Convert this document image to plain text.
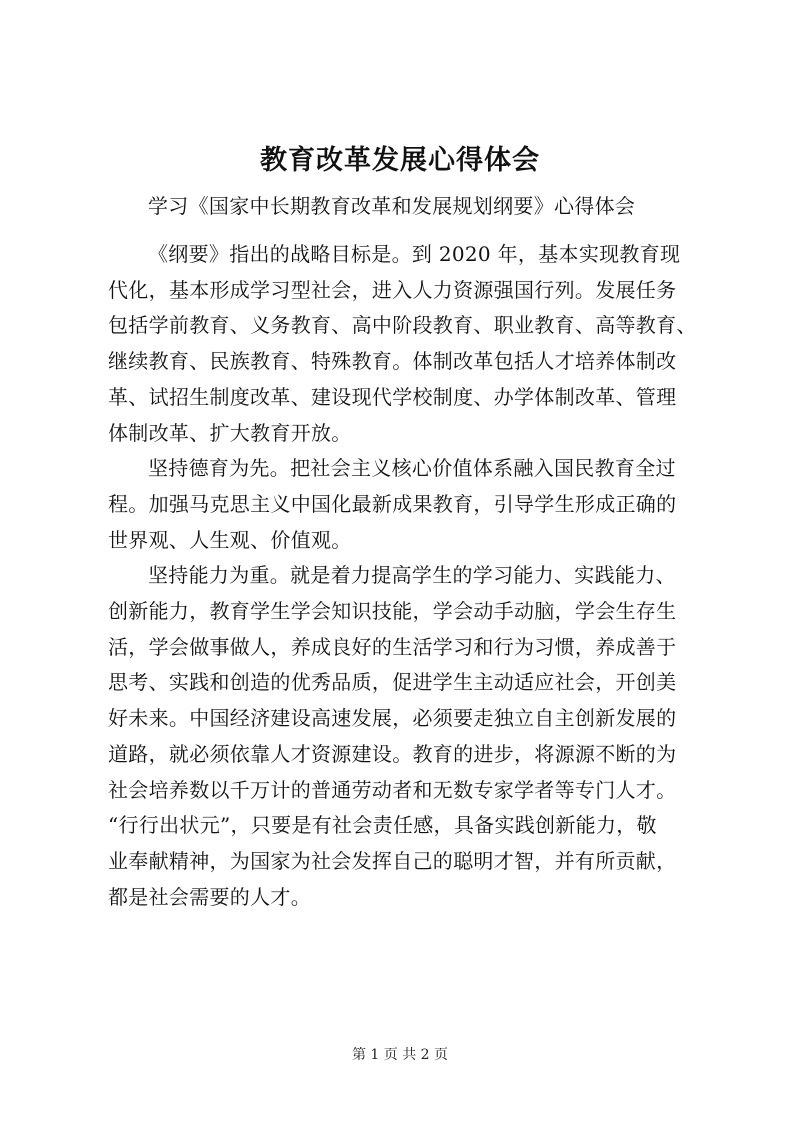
教育改革发展心得体会
学习《国家中长期教育改革和发展规划纲要》心得体会

《纲要》指出的战略目标是。到 2020 年，基本实现教育现
代化，基本形成学习型社会，进入人力资源强国行列。发展任务
包括学前教育、义务教育、高中阶段教育、职业教育、高等教育、
继续教育、民族教育、特殊教育。体制改革包括人才培养体制改
革、试招生制度改革、建设现代学校制度、办学体制改革、管理
体制改革、扩大教育开放。

坚持德育为先。把社会主义核心价值体系融入国民教育全过
程。加强马克思主义中国化最新成果教育，引导学生形成正确的
世界观、人生观、价值观。

坚持能力为重。就是着力提高学生的学习能力、实践能力、
创新能力，教育学生学会知识技能，学会动手动脑，学会生存生
活，学会做事做人，养成良好的生活学习和行为习惯，养成善于
思考、实践和创造的优秀品质，促进学生主动适应社会，开创美
好未来。中国经济建设高速发展，必须要走独立自主创新发展的
道路，就必须依靠人才资源建设。教育的进步，将源源不断的为
社会培养数以千万计的普通劳动者和无数专家学者等专门人才。
“行行出状元”，只要是有社会责任感，具备实践创新能力，敬
业奉献精神，为国家为社会发挥自己的聪明才智，并有所贡献，
都是社会需要的人才。

第 1 页 共 2 页
